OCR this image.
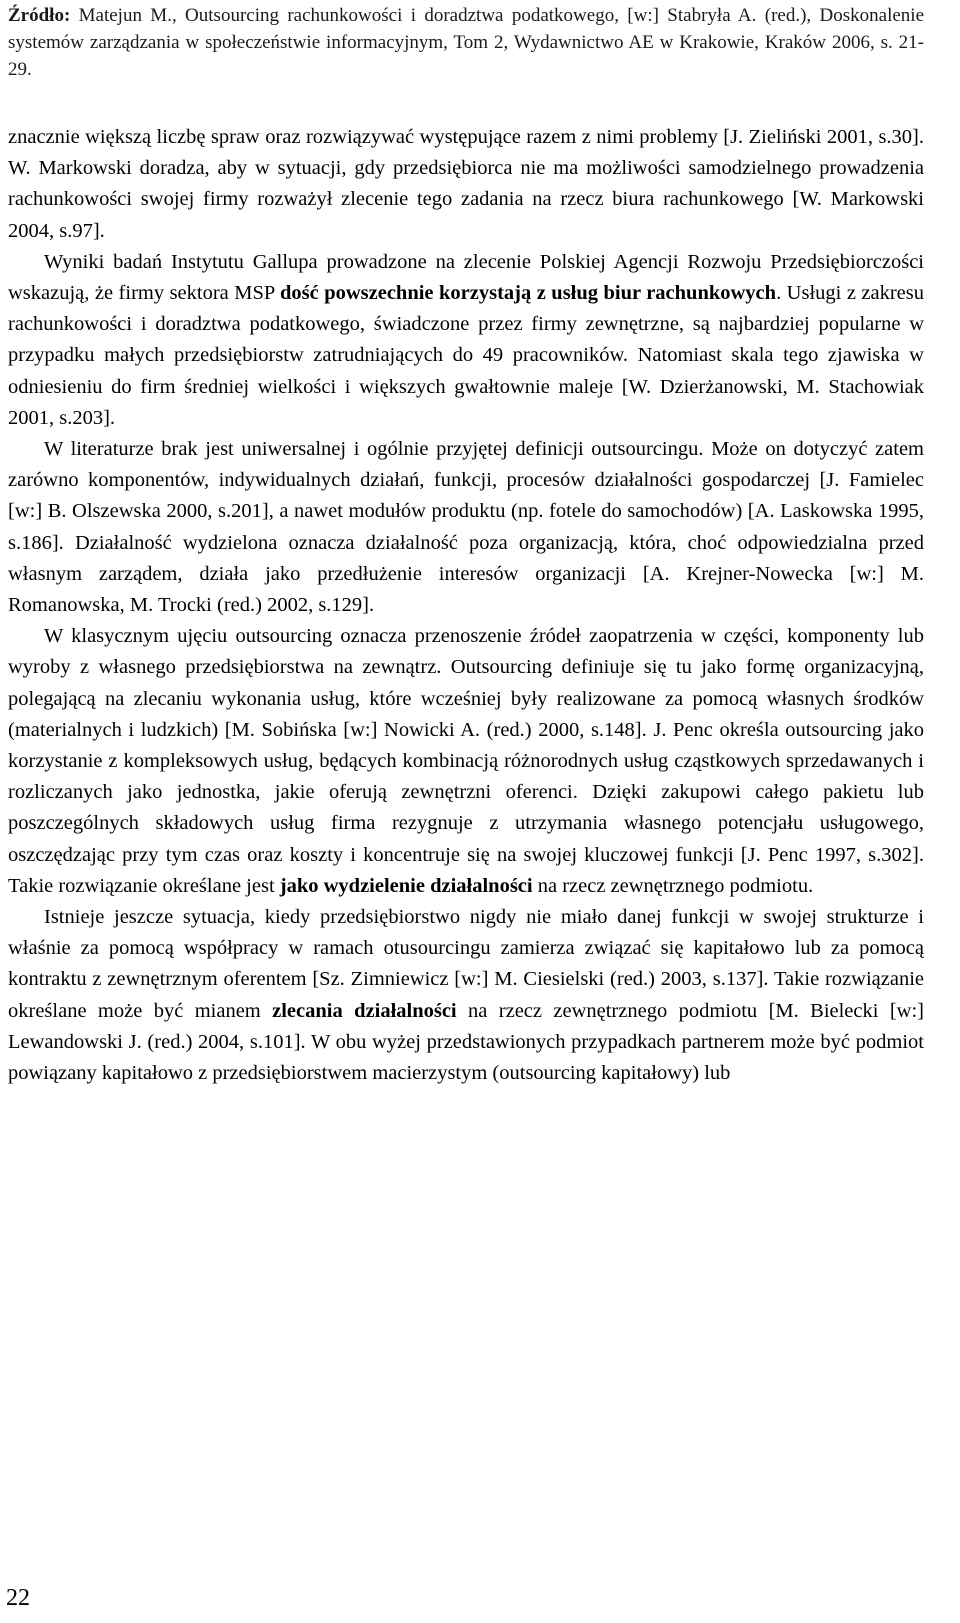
Źródło: Matejun M., Outsourcing rachunkowości i doradztwa podatkowego, [w:] Stabryła A. (red.), Doskonalenie systemów zarządzania w społeczeństwie informacyjnym, Tom 2, Wydawnictwo AE w Krakowie, Kraków 2006, s. 21-29.

znacznie większą liczbę spraw oraz rozwiązywać występujące razem z nimi problemy [J. Zieliński 2001, s.30]. W. Markowski doradza, aby w sytuacji, gdy przedsiębiorca nie ma możliwości samodzielnego prowadzenia rachunkowości swojej firmy rozważył zlecenie tego zadania na rzecz biura rachunkowego [W. Markowski 2004, s.97].

Wyniki badań Instytutu Gallupa prowadzone na zlecenie Polskiej Agencji Rozwoju Przedsiębiorczości wskazują, że firmy sektora MSP dość powszechnie korzystają z usług biur rachunkowych. Usługi z zakresu rachunkowości i doradztwa podatkowego, świadczone przez firmy zewnętrzne, są najbardziej popularne w przypadku małych przedsiębiorstw zatrudniających do 49 pracowników. Natomiast skala tego zjawiska w odniesieniu do firm średniej wielkości i większych gwałtownie maleje [W. Dzierżanowski, M. Stachowiak 2001, s.203].

W literaturze brak jest uniwersalnej i ogólnie przyjętej definicji outsourcingu. Może on dotyczyć zatem zarówno komponentów, indywidualnych działań, funkcji, procesów działalności gospodarczej [J. Famielec [w:] B. Olszewska 2000, s.201], a nawet modułów produktu (np. fotele do samochodów) [A. Laskowska 1995, s.186]. Działalność wydzielona oznacza działalność poza organizacją, która, choć odpowiedzialna przed własnym zarządem, działa jako przedłużenie interesów organizacji [A. Krejner-Nowecka [w:] M. Romanowska, M. Trocki (red.) 2002, s.129].

W klasycznym ujęciu outsourcing oznacza przenoszenie źródeł zaopatrzenia w części, komponenty lub wyroby z własnego przedsiębiorstwa na zewnątrz. Outsourcing definiuje się tu jako formę organizacyjną, polegającą na zlecaniu wykonania usług, które wcześniej były realizowane za pomocą własnych środków (materialnych i ludzkich) [M. Sobińska [w:] Nowicki A. (red.) 2000, s.148]. J. Penc określa outsourcing jako korzystanie z kompleksowych usług, będących kombinacją różnorodnych usług cząstkowych sprzedawanych i rozliczanych jako jednostka, jakie oferują zewnętrzni oferenci. Dzięki zakupowi całego pakietu lub poszczególnych składowych usług firma rezygnuje z utrzymania własnego potencjału usługowego, oszczędzając przy tym czas oraz koszty i koncentruje się na swojej kluczowej funkcji [J. Penc 1997, s.302]. Takie rozwiązanie określane jest jako wydzielenie działalności na rzecz zewnętrznego podmiotu.

Istnieje jeszcze sytuacja, kiedy przedsiębiorstwo nigdy nie miało danej funkcji w swojej strukturze i właśnie za pomocą współpracy w ramach otusourcingu zamierza związać się kapitałowo lub za pomocą kontraktu z zewnętrznym oferentem [Sz. Zimniewicz [w:] M. Ciesielski (red.) 2003, s.137]. Takie rozwiązanie określane może być mianem zlecania działalności na rzecz zewnętrznego podmiotu [M. Bielecki [w:] Lewandowski J. (red.) 2004, s.101]. W obu wyżej przedstawionych przypadkach partnerem może być podmiot powiązany kapitałowo z przedsiębiorstwem macierzystym (outsourcing kapitałowy) lub

22
